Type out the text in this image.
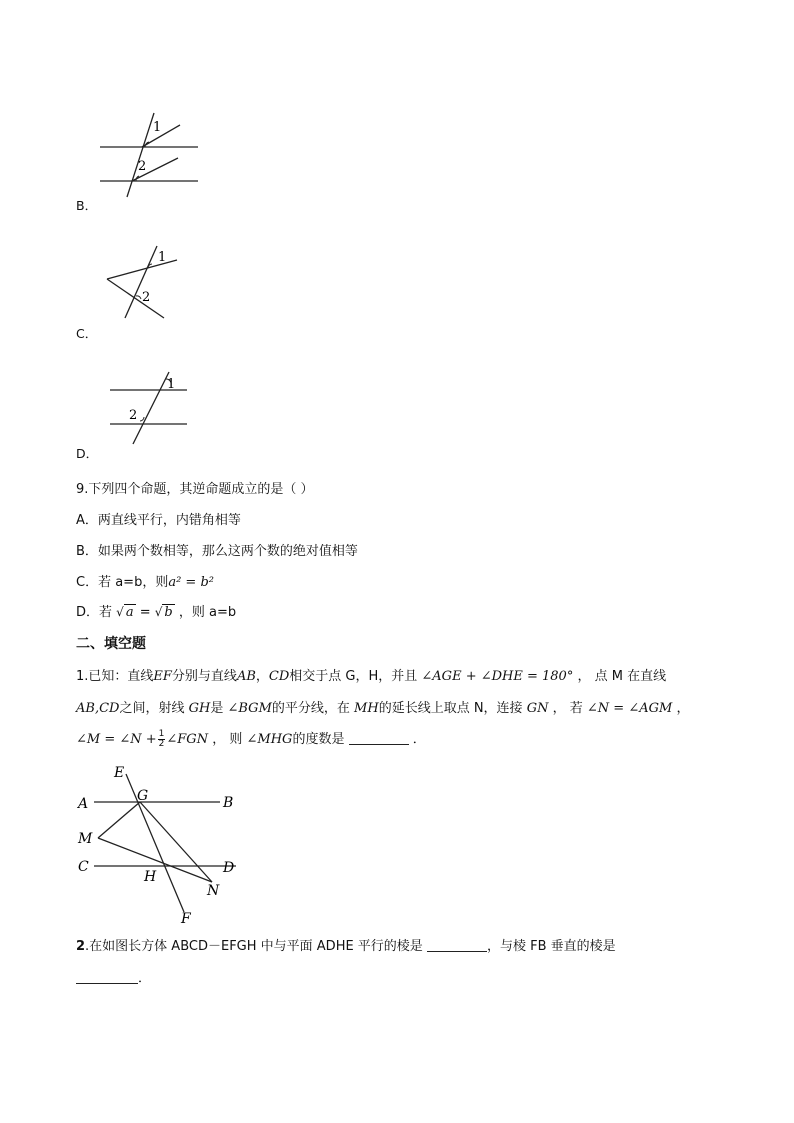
1
2
B．
1
2
C．
1
2
D．
9.下列四个命题，其逆命题成立的是（ ）
A．两直线平行，内错角相等
B．如果两个数相等，那么这两个数的绝对值相等
C．若 a=b，则a² = b²
D．若 √ a = √ b ，则 a=b
二、填空题
1.已知：直线EF分别与直线AB，CD相交于点 G，H，并且 ∠AGE + ∠DHE = 180° ， 点 M 在直线
AB,CD之间，射线 GH是 ∠BGM的平分线，在 MH的延长线上取点 N，连接 GN ， 若 ∠N = ∠AGM ，
∠M = ∠N + $\frac{1}{2}$ ∠FGN ， 则 ∠MHG的度数是	．
E
G
A	B
M
C	D
H
N
F
2.在如图长方体 ABCD－EFGH 中与平面 ADHE 平行的棱是	，与棱 FB 垂直的棱是
．
